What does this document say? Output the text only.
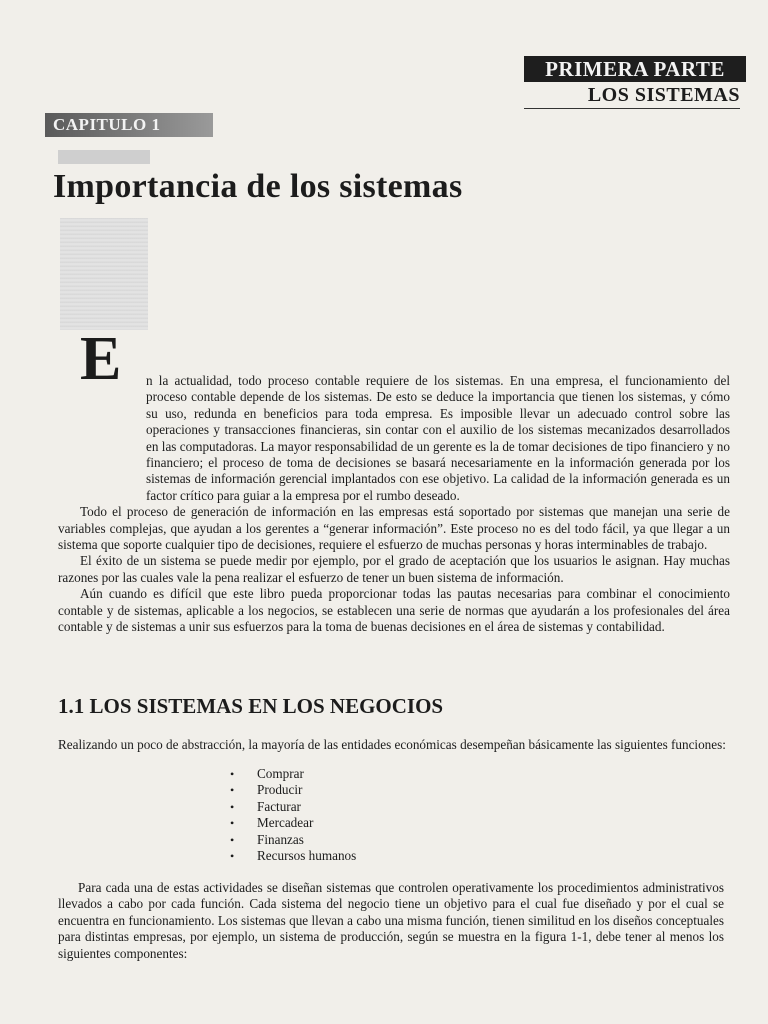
PRIMERA PARTE
LOS SISTEMAS
CAPITULO 1
Importancia de los sistemas
E	n la actualidad, todo proceso contable requiere de los sistemas. En una empresa, el funcionamiento del proceso contable depende de los sistemas. De esto se deduce la importancia que tienen los sistemas, y cómo su uso, redunda en beneficios para toda empresa. Es imposible llevar un adecuado control sobre las operaciones y transacciones financieras, sin contar con el auxilio de los sistemas mecanizados desarrollados en las computadoras. La mayor responsabilidad de un gerente es la de tomar decisiones de tipo financiero y no financiero; el proceso de toma de decisiones se basará necesariamente en la información generada por los sistemas de información gerencial implantados con ese objetivo. La calidad de la información generada es un factor crítico para guiar a la empresa por el rumbo deseado.

Todo el proceso de generación de información en las empresas está soportado por sistemas que manejan una serie de variables complejas, que ayudan a los gerentes a “generar información”. Este proceso no es del todo fácil, ya que llegar a un sistema que soporte cualquier tipo de decisiones, requiere el esfuerzo de muchas personas y horas interminables de trabajo.

El éxito de un sistema se puede medir por ejemplo, por el grado de aceptación que los usuarios le asignan. Hay muchas razones por las cuales vale la pena realizar el esfuerzo de tener un buen sistema de información.

Aún cuando es difícil que este libro pueda proporcionar todas las pautas necesarias para combinar el conocimiento contable y de sistemas, aplicable a los negocios, se establecen una serie de normas que ayudarán a los profesionales del área contable y de sistemas a unir sus esfuerzos para la toma de buenas decisiones en el área de sistemas y contabilidad.

1.1 LOS SISTEMAS EN LOS NEGOCIOS
Realizando un poco de abstracción, la mayoría de las entidades económicas desempeñan básicamente las siguientes funciones:
• Comprar
• Producir
• Facturar
• Mercadear
• Finanzas
• Recursos humanos

Para cada una de estas actividades se diseñan sistemas que controlen operativamente los procedimientos administrativos llevados a cabo por cada función. Cada sistema del negocio tiene un objetivo para el cual fue diseñado y por el cual se encuentra en funcionamiento. Los sistemas que llevan a cabo una misma función, tienen similitud en los diseños conceptuales para distintas empresas, por ejemplo, un sistema de producción, según se muestra en la figura 1-1, debe tener al menos los siguientes componentes:
